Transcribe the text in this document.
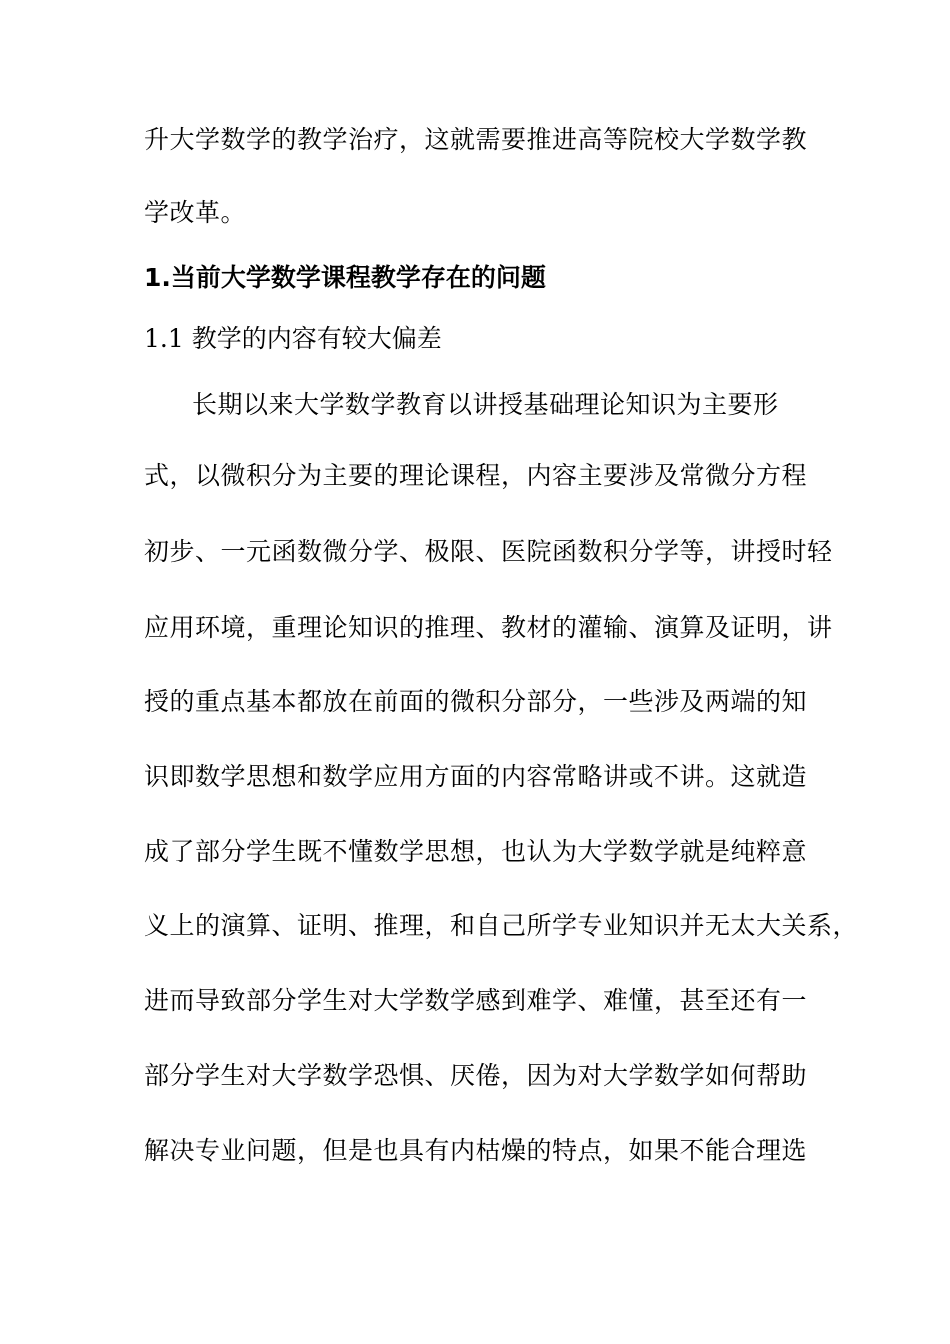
升大学数学的教学治疗，这就需要推进高等院校大学数学教
学改革。
1.当前大学数学课程教学存在的问题
1.1 教学的内容有较大偏差
长期以来大学数学教育以讲授基础理论知识为主要形
式，以微积分为主要的理论课程，内容主要涉及常微分方程
初步、一元函数微分学、极限、医院函数积分学等，讲授时轻
应用环境，重理论知识的推理、教材的灌输、演算及证明，讲
授的重点基本都放在前面的微积分部分，一些涉及两端的知
识即数学思想和数学应用方面的内容常略讲或不讲。这就造
成了部分学生既不懂数学思想，也认为大学数学就是纯粹意
义上的演算、证明、推理，和自己所学专业知识并无太大关系，
进而导致部分学生对大学数学感到难学、难懂，甚至还有一
部分学生对大学数学恐惧、厌倦，因为对大学数学如何帮助
解决专业问题，但是也具有内枯燥的特点，如果不能合理选
